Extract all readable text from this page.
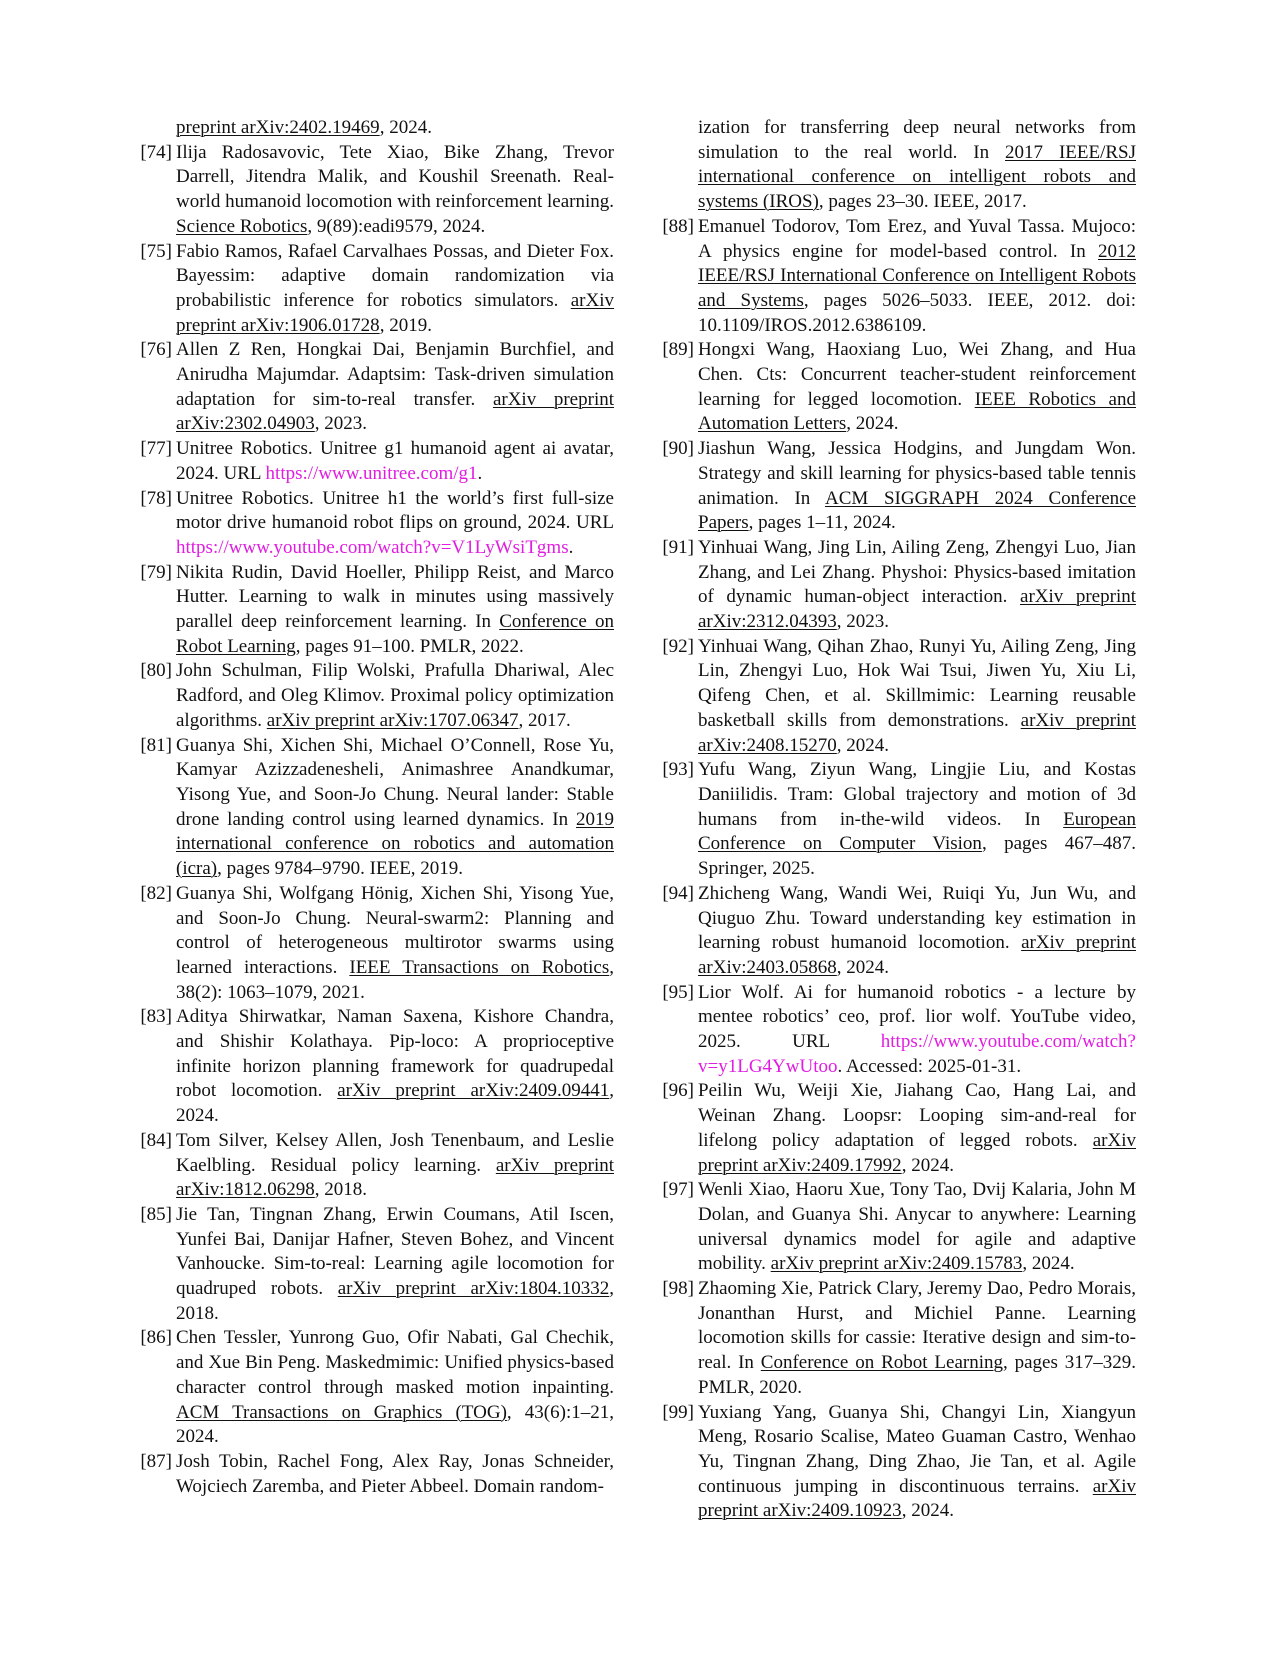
preprint arXiv:2402.19469, 2024.
[74] Ilija Radosavovic, Tete Xiao, Bike Zhang, Trevor Darrell, Jitendra Malik, and Koushil Sreenath. Real-world humanoid locomotion with reinforcement learning. Science Robotics, 9(89):eadi9579, 2024.
[75] Fabio Ramos, Rafael Carvalhaes Possas, and Dieter Fox. Bayessim: adaptive domain randomization via probabilistic inference for robotics simulators. arXiv preprint arXiv:1906.01728, 2019.
[76] Allen Z Ren, Hongkai Dai, Benjamin Burchfiel, and Anirudha Majumdar. Adaptsim: Task-driven simulation adaptation for sim-to-real transfer. arXiv preprint arXiv:2302.04903, 2023.
[77] Unitree Robotics. Unitree g1 humanoid agent ai avatar, 2024. URL https://www.unitree.com/g1.
[78] Unitree Robotics. Unitree h1 the world’s first full-size motor drive humanoid robot flips on ground, 2024. URL https://www.youtube.com/watch?v=V1LyWsiTgms.
[79] Nikita Rudin, David Hoeller, Philipp Reist, and Marco Hutter. Learning to walk in minutes using massively parallel deep reinforcement learning. In Conference on Robot Learning, pages 91–100. PMLR, 2022.
[80] John Schulman, Filip Wolski, Prafulla Dhariwal, Alec Radford, and Oleg Klimov. Proximal policy optimization algorithms. arXiv preprint arXiv:1707.06347, 2017.
[81] Guanya Shi, Xichen Shi, Michael O’Connell, Rose Yu, Kamyar Azizzadenesheli, Animashree Anandkumar, Yisong Yue, and Soon-Jo Chung. Neural lander: Stable drone landing control using learned dynamics. In 2019 international conference on robotics and automation (icra), pages 9784–9790. IEEE, 2019.
[82] Guanya Shi, Wolfgang Hönig, Xichen Shi, Yisong Yue, and Soon-Jo Chung. Neural-swarm2: Planning and control of heterogeneous multirotor swarms using learned interactions. IEEE Transactions on Robotics, 38(2): 1063–1079, 2021.
[83] Aditya Shirwatkar, Naman Saxena, Kishore Chandra, and Shishir Kolathaya. Pip-loco: A proprioceptive infinite horizon planning framework for quadrupedal robot locomotion. arXiv preprint arXiv:2409.09441, 2024.
[84] Tom Silver, Kelsey Allen, Josh Tenenbaum, and Leslie Kaelbling. Residual policy learning. arXiv preprint arXiv:1812.06298, 2018.
[85] Jie Tan, Tingnan Zhang, Erwin Coumans, Atil Iscen, Yunfei Bai, Danijar Hafner, Steven Bohez, and Vincent Vanhoucke. Sim-to-real: Learning agile locomotion for quadruped robots. arXiv preprint arXiv:1804.10332, 2018.
[86] Chen Tessler, Yunrong Guo, Ofir Nabati, Gal Chechik, and Xue Bin Peng. Maskedmimic: Unified physics-based character control through masked motion inpainting. ACM Transactions on Graphics (TOG), 43(6):1–21, 2024.
[87] Josh Tobin, Rachel Fong, Alex Ray, Jonas Schneider, Wojciech Zaremba, and Pieter Abbeel. Domain random-
ization for transferring deep neural networks from simulation to the real world. In 2017 IEEE/RSJ international conference on intelligent robots and systems (IROS), pages 23–30. IEEE, 2017.
[88] Emanuel Todorov, Tom Erez, and Yuval Tassa. Mujoco: A physics engine for model-based control. In 2012 IEEE/RSJ International Conference on Intelligent Robots and Systems, pages 5026–5033. IEEE, 2012. doi: 10.1109/IROS.2012.6386109.
[89] Hongxi Wang, Haoxiang Luo, Wei Zhang, and Hua Chen. Cts: Concurrent teacher-student reinforcement learning for legged locomotion. IEEE Robotics and Automation Letters, 2024.
[90] Jiashun Wang, Jessica Hodgins, and Jungdam Won. Strategy and skill learning for physics-based table tennis animation. In ACM SIGGRAPH 2024 Conference Papers, pages 1–11, 2024.
[91] Yinhuai Wang, Jing Lin, Ailing Zeng, Zhengyi Luo, Jian Zhang, and Lei Zhang. Physhoi: Physics-based imitation of dynamic human-object interaction. arXiv preprint arXiv:2312.04393, 2023.
[92] Yinhuai Wang, Qihan Zhao, Runyi Yu, Ailing Zeng, Jing Lin, Zhengyi Luo, Hok Wai Tsui, Jiwen Yu, Xiu Li, Qifeng Chen, et al. Skillmimic: Learning reusable basketball skills from demonstrations. arXiv preprint arXiv:2408.15270, 2024.
[93] Yufu Wang, Ziyun Wang, Lingjie Liu, and Kostas Daniilidis. Tram: Global trajectory and motion of 3d humans from in-the-wild videos. In European Conference on Computer Vision, pages 467–487. Springer, 2025.
[94] Zhicheng Wang, Wandi Wei, Ruiqi Yu, Jun Wu, and Qiuguo Zhu. Toward understanding key estimation in learning robust humanoid locomotion. arXiv preprint arXiv:2403.05868, 2024.
[95] Lior Wolf. Ai for humanoid robotics - a lecture by mentee robotics’ ceo, prof. lior wolf. YouTube video, 2025. URL https://www.youtube.com/watch?v=y1LG4YwUtoo. Accessed: 2025-01-31.
[96] Peilin Wu, Weiji Xie, Jiahang Cao, Hang Lai, and Weinan Zhang. Loopsr: Looping sim-and-real for lifelong policy adaptation of legged robots. arXiv preprint arXiv:2409.17992, 2024.
[97] Wenli Xiao, Haoru Xue, Tony Tao, Dvij Kalaria, John M Dolan, and Guanya Shi. Anycar to anywhere: Learning universal dynamics model for agile and adaptive mobility. arXiv preprint arXiv:2409.15783, 2024.
[98] Zhaoming Xie, Patrick Clary, Jeremy Dao, Pedro Morais, Jonanthan Hurst, and Michiel Panne. Learning locomotion skills for cassie: Iterative design and sim-to-real. In Conference on Robot Learning, pages 317–329. PMLR, 2020.
[99] Yuxiang Yang, Guanya Shi, Changyi Lin, Xiangyun Meng, Rosario Scalise, Mateo Guaman Castro, Wenhao Yu, Tingnan Zhang, Ding Zhao, Jie Tan, et al. Agile continuous jumping in discontinuous terrains. arXiv preprint arXiv:2409.10923, 2024.
